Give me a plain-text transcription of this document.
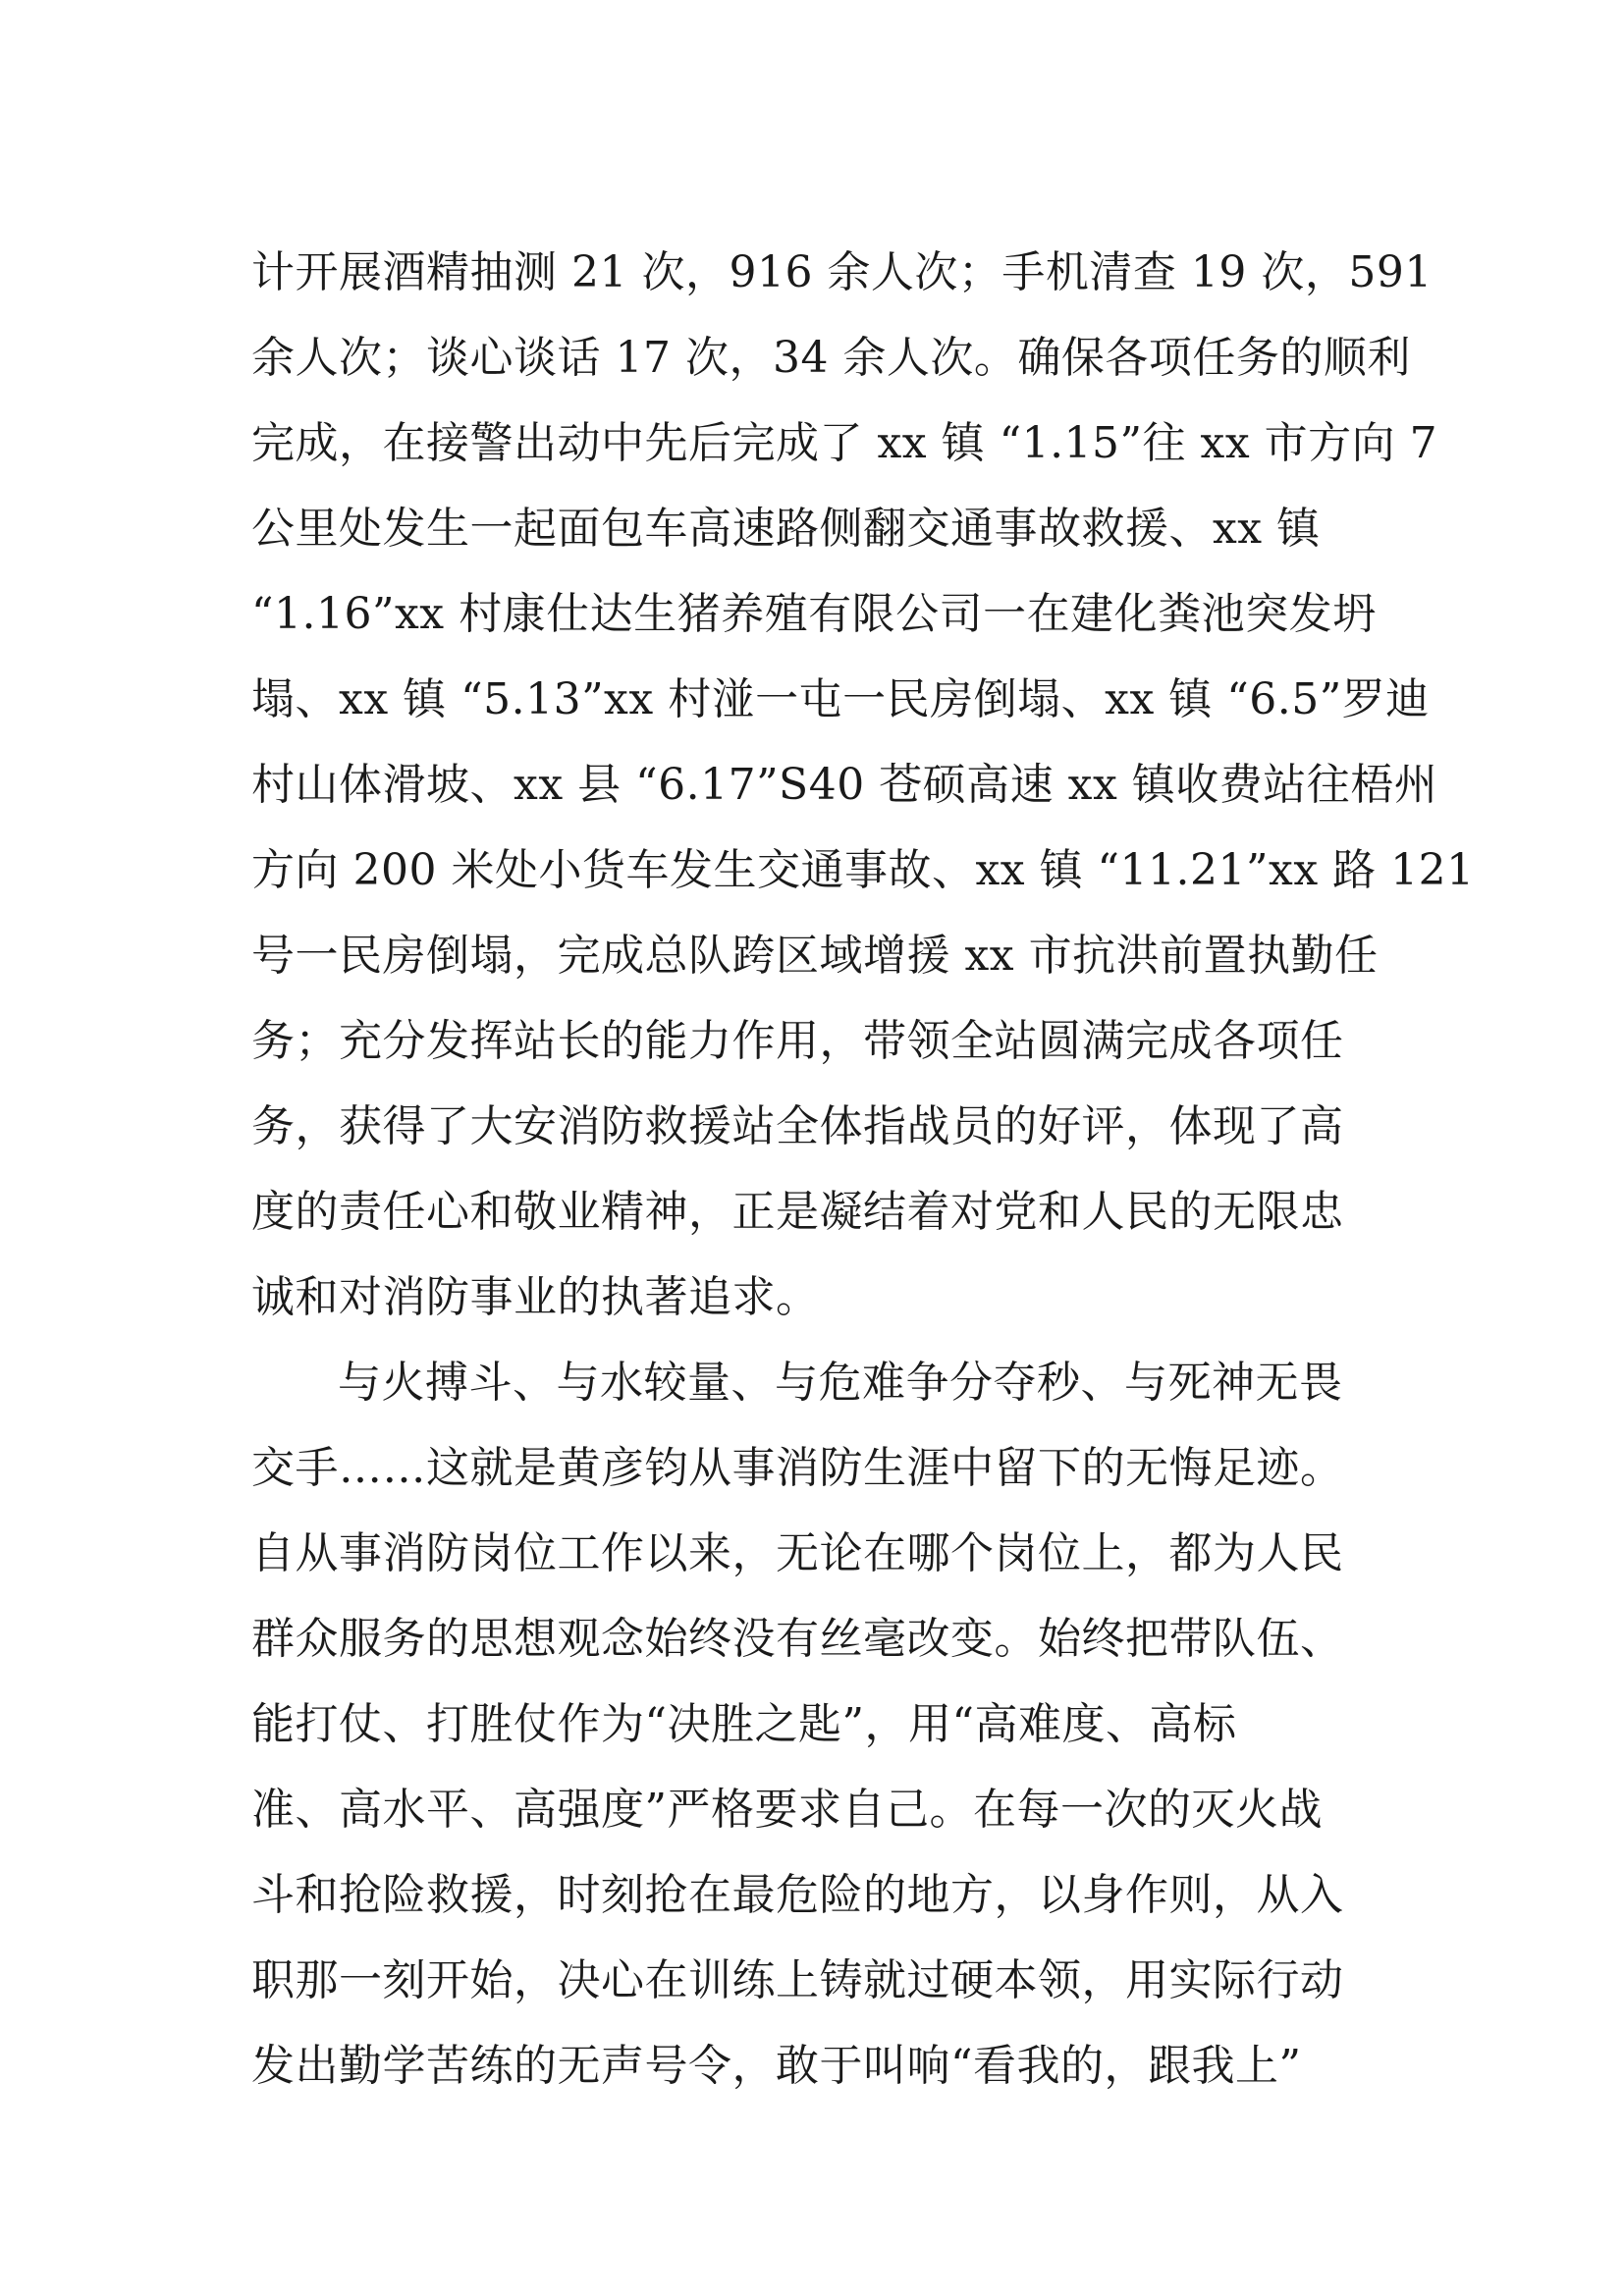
计开展酒精抽测 21 次，916 余人次；手机清查 19 次，591
余人次；谈心谈话 17 次，34 余人次。确保各项任务的顺利
完成，在接警出动中先后完成了 xx 镇 “1.15”往 xx 市方向 7
公里处发生一起面包车高速路侧翻交通事故救援、xx 镇
“1.16”xx 村康仕达生猪养殖有限公司一在建化粪池突发坍
塌、xx 镇 “5.13”xx 村湴一屯一民房倒塌、xx 镇 “6.5”罗迪
村山体滑坡、xx 县 “6.17”S40 苍硕高速 xx 镇收费站往梧州
方向 200 米处小货车发生交通事故、xx 镇 “11.21”xx 路 121
号一民房倒塌，完成总队跨区域增援 xx 市抗洪前置执勤任
务；充分发挥站长的能力作用，带领全站圆满完成各项任
务，获得了大安消防救援站全体指战员的好评，体现了高
度的责任心和敬业精神，正是凝结着对党和人民的无限忠
诚和对消防事业的执著追求。
与火搏斗、与水较量、与危难争分夺秒、与死神无畏
交手……这就是黄彦钧从事消防生涯中留下的无悔足迹。
自从事消防岗位工作以来，无论在哪个岗位上，都为人民
群众服务的思想观念始终没有丝毫改变。始终把带队伍、
能打仗、打胜仗作为“决胜之匙”，用“高难度、高标
准、高水平、高强度”严格要求自己。在每一次的灭火战
斗和抢险救援，时刻抢在最危险的地方，以身作则，从入
职那一刻开始，决心在训练上铸就过硬本领，用实际行动
发出勤学苦练的无声号令，敢于叫响“看我的，跟我上”
